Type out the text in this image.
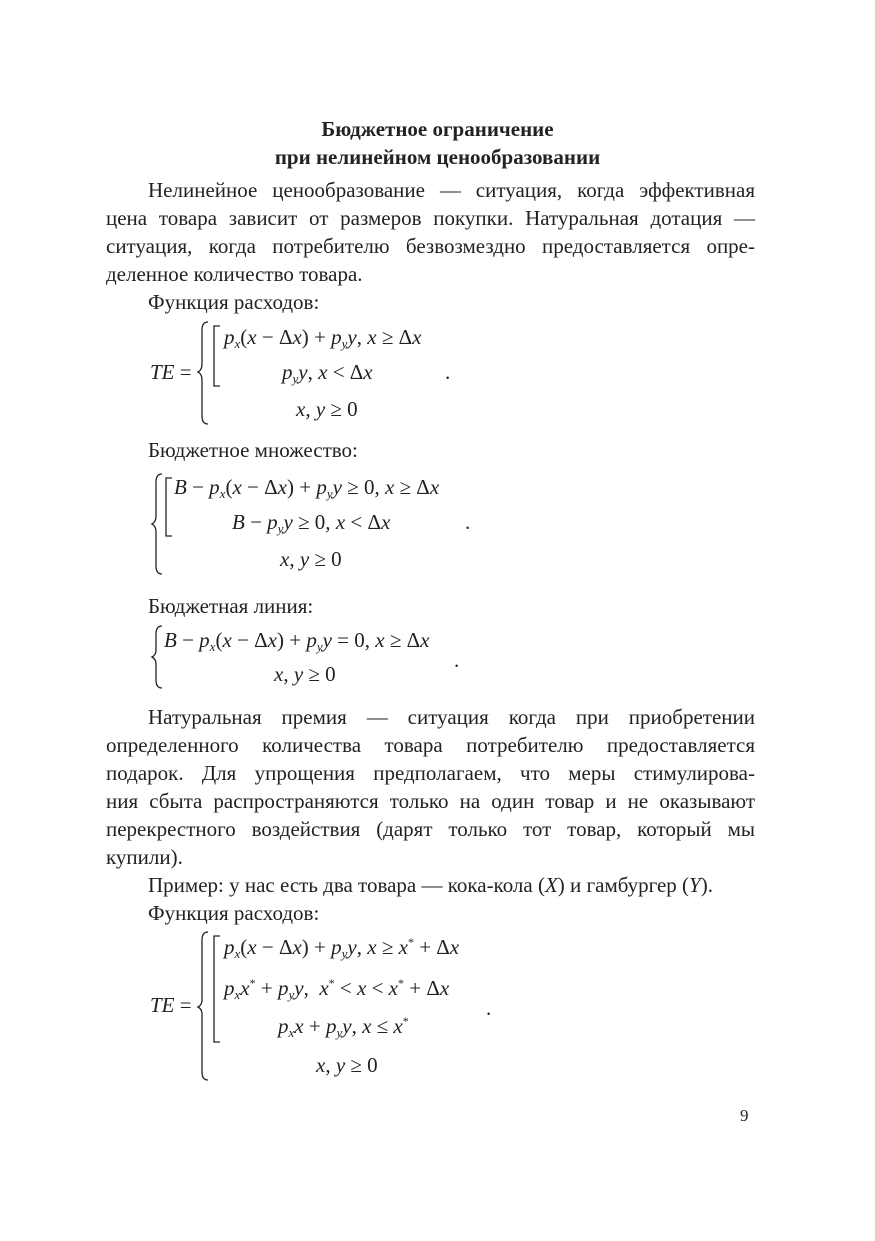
Бюджетное ограничение
при нелинейном ценообразовании
Нелинейное ценообразование — ситуация, когда эффективная
цена товара зависит от размеров покупки. Натуральная дотация —
ситуация, когда потребителю безвозмездно предоставляется опре-
деленное количество товара.
Функция расходов:
TE =
$p_x(x - \Delta x) + p_yy$, x ≥ Δx
$p_yy$, x < Δx	.
x, y ≥ 0
Бюджетное множество:
$B - p_x(x - \Delta x) + p_yy \ge 0$, x ≥ Δx
$B - p_yy \ge 0$, x < Δx	.
x, y ≥ 0
Бюджетная линия:
$B - p_x(x - \Delta x) + p_yy = 0$, x ≥ Δx
.
x, y ≥ 0
Натуральная премия — ситуация когда при приобретении
определенного количества товара потребителю предоставляется
подарок. Для упрощения предполагаем, что меры стимулирова-
ния сбыта распространяются только на один товар и не оказывают
перекрестного воздействия (дарят только тот товар, который мы
купили).
Пример: у нас есть два товара — кока-кола (X) и гамбургер (Y).
Функция расходов:
TE =
$p_x(x - \Delta x) + p_yy$, x ≥ x* + Δx
$p_xx^* + p_yy$,  x* < x < x* + Δx
.
$p_xx + p_yy$, x ≤ x*
x, y ≥ 0
9
